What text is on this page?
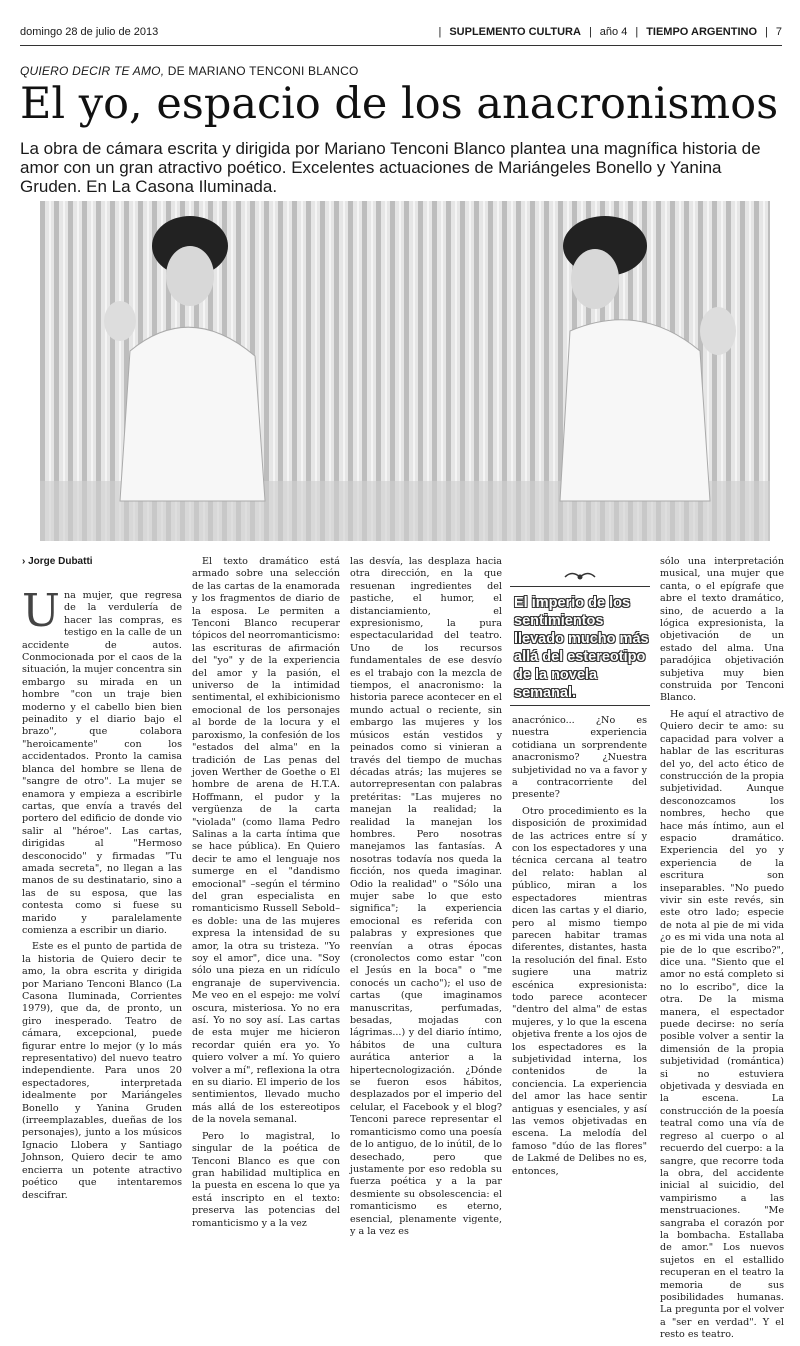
domingo 28 de julio de 2013	| SUPLEMENTO CULTURA | año 4 | TIEMPO ARGENTINO | 7
QUIERO DECIR TE AMO, DE MARIANO TENCONI BLANCO
El yo, espacio de los anacronismos
La obra de cámara escrita y dirigida por Mariano Tenconi Blanco plantea una magnífica historia de amor con un gran atractivo poético. Excelentes actuaciones de Mariángeles Bonello y Yanina Gruden. En La Casona Iluminada.
› Jorge Dubatti

Una mujer, que regresa de la verdulería de hacer las compras, es testigo en la calle de un accidente de autos. Conmocionada por el caos de la situación, la mujer concentra sin embargo su mirada en un hombre "con un traje bien moderno y el cabello bien bien peinadito y el diario bajo el brazo", que colabora "heroicamente" con los accidentados. Pronto la camisa blanca del hombre se llena de "sangre de otro". La mujer se enamora y empieza a escribirle cartas, que envía a través del portero del edificio de donde vio salir al "héroe". Las cartas, dirigidas al "Hermoso desconocido" y firmadas "Tu amada secreta", no llegan a las manos de su destinatario, sino a las de su esposa, que las contesta como si fuese su marido y paralelamente comienza a escribir un diario.

Este es el punto de partida de la historia de Quiero decir te amo, la obra escrita y dirigida por Mariano Tenconi Blanco (La Casona Iluminada, Corrientes 1979), que da, de pronto, un giro inesperado. Teatro de cámara, excepcional, puede figurar entre lo mejor (y lo más representativo) del nuevo teatro independiente. Para unos 20 espectadores, interpretada idealmente por Mariángeles Bonello y Yanina Gruden (irreemplazables, dueñas de los personajes), junto a los músicos Ignacio Llobera y Santiago Johnson, Quiero decir te amo encierra un potente atractivo poético que intentaremos descifrar.

El texto dramático está armado sobre una selección de las cartas de la enamorada y los fragmentos de diario de la esposa. Le permiten a Tenconi Blanco recuperar tópicos del neorromanticismo: las escrituras de afirmación del "yo" y de la experiencia del amor y la pasión, el universo de la intimidad sentimental, el exhibicionismo emocional de los personajes al borde de la locura y el paroxismo, la confesión de los "estados del alma" en la tradición de Las penas del joven Werther de Goethe o El hombre de arena de H.T.A. Hoffmann, el pudor y la vergüenza de la carta "violada" (como llama Pedro Salinas a la carta íntima que se hace pública). En Quiero decir te amo el lenguaje nos sumerge en el "dandismo emocional" –según el término del gran especialista en romanticismo Russell Sebold– es doble: una de las mujeres expresa la intensidad de su amor, la otra su tristeza. "Yo soy el amor", dice una. "Soy sólo una pieza en un ridículo engranaje de supervivencia. Me veo en el espejo: me volví oscura, misteriosa. Yo no era así. Yo no soy así. Las cartas de esta mujer me hicieron recordar quién era yo. Yo quiero volver a mí. Yo quiero volver a mí", reflexiona la otra en su diario. El imperio de los sentimientos, llevado mucho más allá de los estereotipos de la novela semanal.

Pero lo magistral, lo singular de la poética de Tenconi Blanco es que con gran habilidad multiplica en la puesta en escena lo que ya está inscripto en el texto: preserva las potencias del romanticismo y a la vez

las desvía, las desplaza hacia otra dirección, en la que resuenan ingredientes del pastiche, el humor, el distanciamiento, el expresionismo, la pura espectacularidad del teatro. Uno de los recursos fundamentales de ese desvío es el trabajo con la mezcla de tiempos, el anacronismo: la historia parece acontecer en el mundo actual o reciente, sin embargo las mujeres y los músicos están vestidos y peinados como si vinieran a través del tiempo de muchas décadas atrás; las mujeres se autorrepresentan con palabras pretéritas: "Las mujeres no manejan la realidad; la realidad la manejan los hombres. Pero nosotras manejamos las fantasías. A nosotras todavía nos queda la ficción, nos queda imaginar. Odio la realidad" o "Sólo una mujer sabe lo que esto significa"; la experiencia emocional es referida con palabras y expresiones que reenvían a otras épocas (cronolectos como estar "con el Jesús en la boca" o "me conocés un cacho"); el uso de cartas (que imaginamos manuscritas, perfumadas, besadas, mojadas con lágrimas...) y del diario íntimo, hábitos de una cultura aurática anterior a la hipertecnologización. ¿Dónde se fueron esos hábitos, desplazados por el imperio del celular, el Facebook y el blog? Tenconi parece representar el romanticismo como una poesía de lo antiguo, de lo inútil, de lo desechado, pero que justamente por eso redobla su fuerza poética y a la par desmiente su obsolescencia: el romanticismo es eterno, esencial, plenamente vigente, y a la vez es

El imperio de los sentimientos llevado mucho más allá del estereotipo de la novela semanal.

anacrónico... ¿No es nuestra experiencia cotidiana un sorprendente anacronismo? ¿Nuestra subjetividad no va a favor y a contracorriente del presente?

Otro procedimiento es la disposición de proximidad de las actrices entre sí y con los espectadores y una técnica cercana al teatro del relato: hablan al público, miran a los espectadores mientras dicen las cartas y el diario, pero al mismo tiempo parecen habitar tramas diferentes, distantes, hasta la resolución del final. Esto sugiere una matriz escénica expresionista: todo parece acontecer "dentro del alma" de estas mujeres, y lo que la escena objetiva frente a los ojos de los espectadores es la subjetividad interna, los contenidos de la conciencia. La experiencia del amor las hace sentir antiguas y esenciales, y así las vemos objetivadas en escena. La melodía del famoso "dúo de las flores" de Lakmé de Delibes no es, entonces,

sólo una interpretación musical, una mujer que canta, o el epígrafe que abre el texto dramático, sino, de acuerdo a la lógica expresionista, la objetivación de un estado del alma. Una paradójica objetivación subjetiva muy bien construida por Tenconi Blanco.

He aquí el atractivo de Quiero decir te amo: su capacidad para volver a hablar de las escrituras del yo, del acto ético de construcción de la propia subjetividad. Aunque desconozcamos los nombres, hecho que hace más íntimo, aun el espacio dramático. Experiencia del yo y experiencia de la escritura son inseparables. "No puedo vivir sin este revés, sin este otro lado; especie de nota al pie de mi vida ¿o es mi vida una nota al pie de lo que escribo?", dice una. "Siento que el amor no está completo si no lo escribo", dice la otra. De la misma manera, el espectador puede decirse: no sería posible volver a sentir la dimensión de la propia subjetividad (romántica) si no estuviera objetivada y desviada en la escena. La construcción de la poesía teatral como una vía de regreso al cuerpo o al recuerdo del cuerpo: a la sangre, que recorre toda la obra, del accidente inicial al suicidio, del vampirismo a las menstruaciones. "Me sangraba el corazón por la bombacha. Estallaba de amor." Los nuevos sujetos en el estallido recuperan en el teatro la memoria de sus posibilidades humanas. La pregunta por el volver a "ser en verdad". Y el resto es teatro.
